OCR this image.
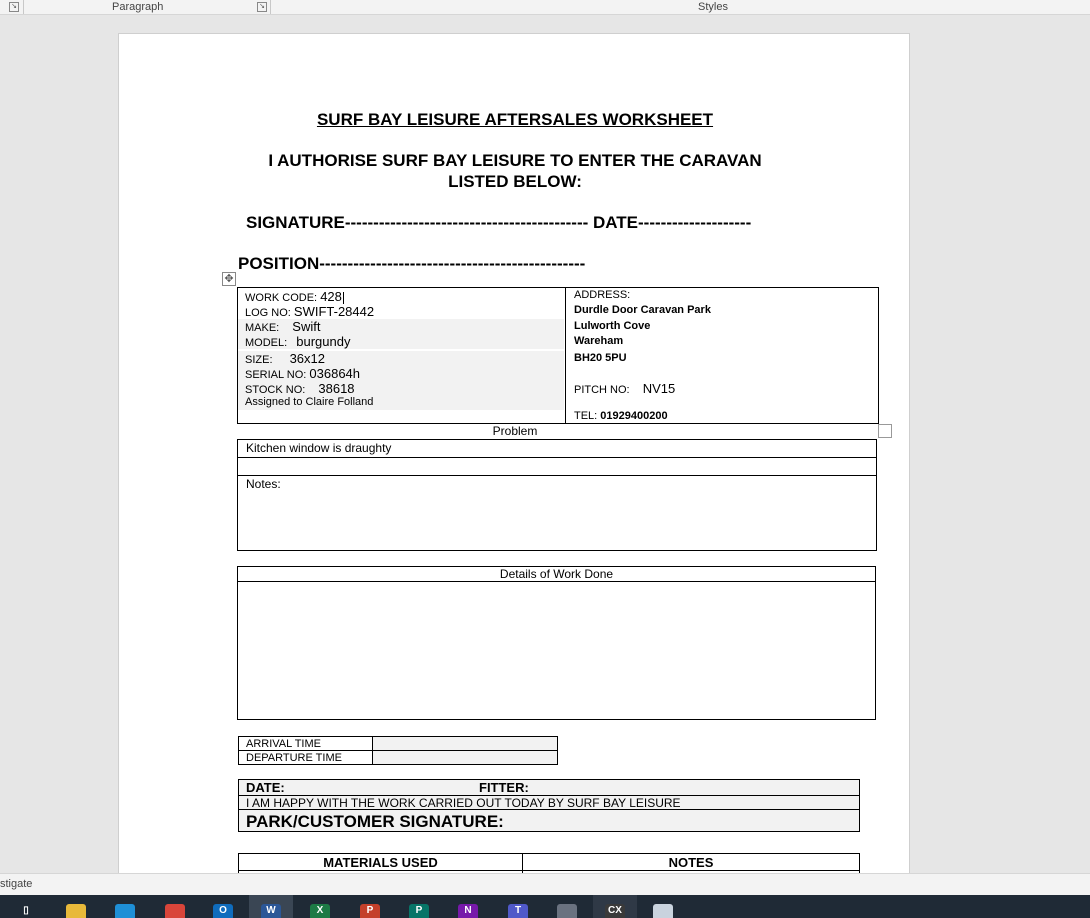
↘	Paragraph	↘	Styles
SURF BAY LEISURE AFTERSALES WORKSHEET
I AUTHORISE SURF BAY LEISURE TO ENTER THE CARAVAN
LISTED BELOW:
SIGNATURE------------------------------------------- DATE--------------------
POSITION-----------------------------------------------
WORK CODE: 428
LOG NO: SWIFT-28442
MAKE: Swift
MODEL: burgundy
SIZE: 36x12
SERIAL NO: 036864h
STOCK NO: 38618
Assigned to Claire Folland
ADDRESS:
Durdle Door Caravan Park
Lulworth Cove
Wareham
BH20 5PU
PITCH NO: NV15
TEL: 01929400200
Problem
Kitchen window is draughty
Notes:
Details of Work Done
ARRIVAL TIME	
DEPARTURE TIME	
DATE:	FITTER:
I AM HAPPY WITH THE WORK CARRIED OUT TODAY BY SURF BAY LEISURE
PARK/CUSTOMER SIGNATURE:
MATERIALS USED	NOTES

✥
stigate
▯	O	W	X	P	P	N	T	CX
